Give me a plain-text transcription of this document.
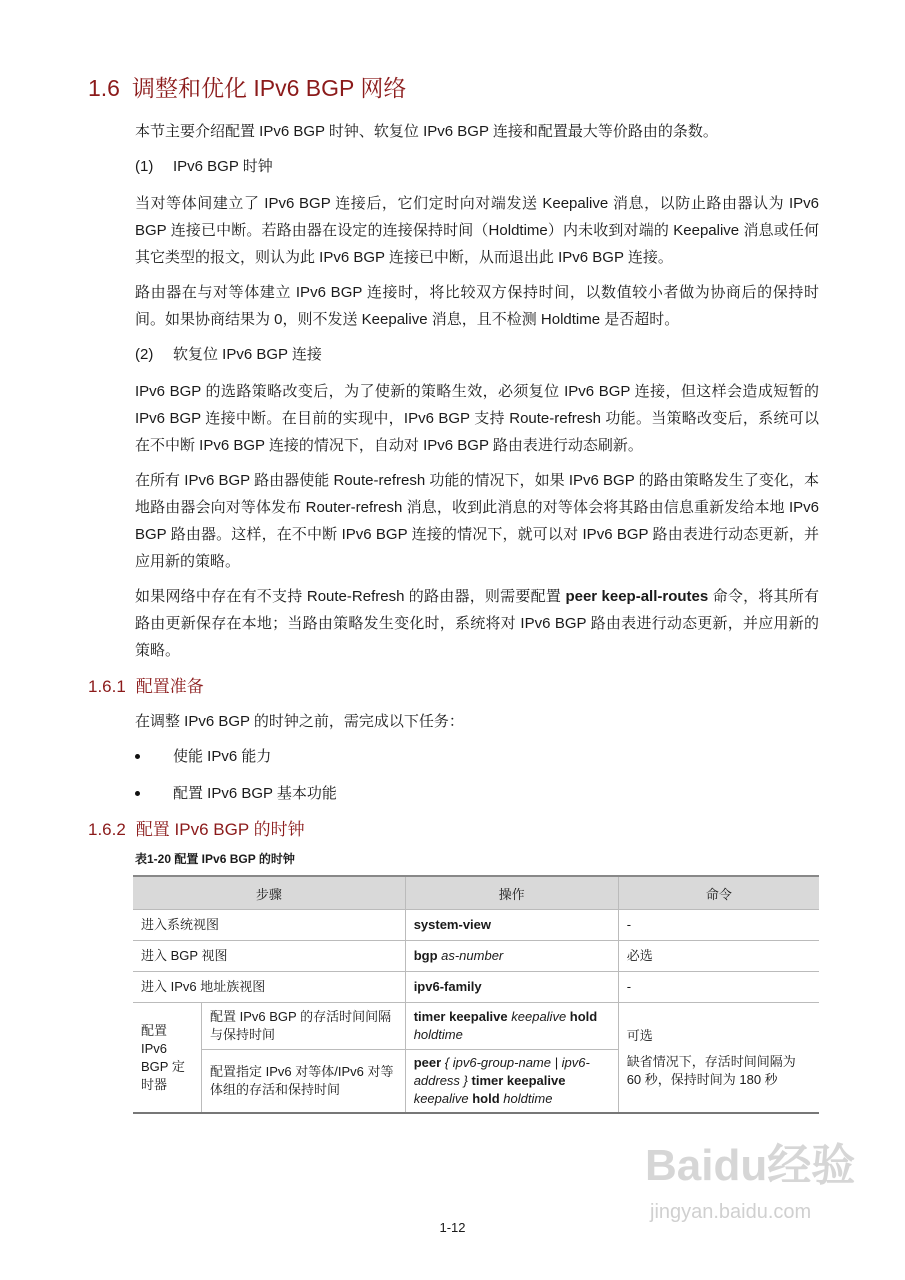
1.6 调整和优化 IPv6 BGP 网络

本节主要介绍配置 IPv6 BGP 时钟、软复位 IPv6 BGP 连接和配置最大等价路由的条数。

(1) IPv6 BGP 时钟

当对等体间建立了 IPv6 BGP 连接后，它们定时向对端发送 Keepalive 消息，以防止路由器认为 IPv6 BGP 连接已中断。若路由器在设定的连接保持时间（Holdtime）内未收到对端的 Keepalive 消息或任何其它类型的报文，则认为此 IPv6 BGP 连接已中断，从而退出此 IPv6 BGP 连接。

路由器在与对等体建立 IPv6 BGP 连接时，将比较双方保持时间，以数值较小者做为协商后的保持时间。如果协商结果为 0，则不发送 Keepalive 消息，且不检测 Holdtime 是否超时。

(2) 软复位 IPv6 BGP 连接

IPv6 BGP 的选路策略改变后，为了使新的策略生效，必须复位 IPv6 BGP 连接，但这样会造成短暂的 IPv6 BGP 连接中断。在目前的实现中，IPv6 BGP 支持 Route-refresh 功能。当策略改变后，系统可以在不中断 IPv6 BGP 连接的情况下，自动对 IPv6 BGP 路由表进行动态刷新。

在所有 IPv6 BGP 路由器使能 Route-refresh 功能的情况下，如果 IPv6 BGP 的路由策略发生了变化，本地路由器会向对等体发布 Router-refresh 消息，收到此消息的对等体会将其路由信息重新发给本地 IPv6 BGP 路由器。这样，在不中断 IPv6 BGP 连接的情况下，就可以对 IPv6 BGP 路由表进行动态更新，并应用新的策略。

如果网络中存在有不支持 Route-Refresh 的路由器，则需要配置 peer keep-all-routes 命令，将其所有路由更新保存在本地；当路由策略发生变化时，系统将对 IPv6 BGP 路由表进行动态更新，并应用新的策略。

1.6.1 配置准备

在调整 IPv6 BGP 的时钟之前，需完成以下任务：

使能 IPv6 能力
配置 IPv6 BGP 基本功能
1.6.2 配置 IPv6 BGP 的时钟
表1-20 配置 IPv6 BGP 的时钟
步骤		操作	命令
进入系统视图		system-view	-
进入 BGP 视图		bgp as-number	必选
进入 IPv6 地址族视图		ipv6-family	-
配置 IPv6 BGP 定时器	配置 IPv6 BGP 的存活时间间隔与保持时间	timer keepalive keepalive hold holdtime	可选
缺省情况下，存活时间间隔为 60 秒，保持时间为 180 秒

	配置指定 IPv6 对等体/IPv6 对等体组的存活和保持时间	peer { ipv6-group-name | ipv6-address } timer keepalive keepalive hold holdtime	
Baidu经验
jingyan.baidu.com
1-12
